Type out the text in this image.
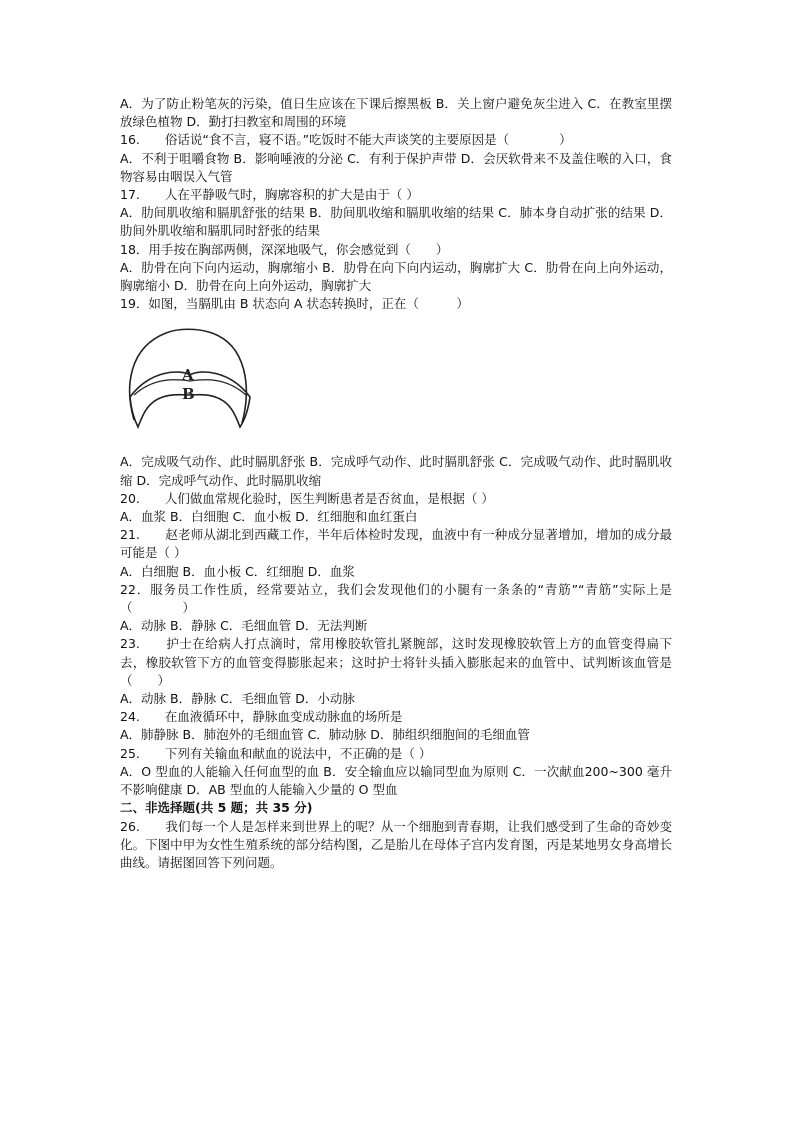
A．为了防止粉笔灰的污染，值日生应该在下课后擦黑板 B．关上窗户避免灰尘进入 C．在教室里摆放绿色植物 D．勤打扫教室和周围的环境
16.　　俗话说“食不言，寝不语。”吃饭时不能大声谈笑的主要原因是（　　　　）
A．不利于咀嚼食物 B．影响唾液的分泌 C．有利于保护声带 D．会厌软骨来不及盖住喉的入口，食物容易由咽误入气管
17.　　人在平静吸气时，胸廓容积的扩大是由于（ ）
A．肋间肌收缩和膈肌舒张的结果 B．肋间肌收缩和膈肌收缩的结果 C．肺本身自动扩张的结果 D．肋间外肌收缩和膈肌同时舒张的结果
18．用手按在胸部两侧，深深地吸气，你会感觉到（　　）
A．肋骨在向下向内运动，胸廓缩小 B．肋骨在向下向内运动，胸廓扩大 C．肋骨在向上向外运动，胸廓缩小 D．肋骨在向上向外运动，胸廓扩大
19．如图，当膈肌由 B 状态向 A 状态转换时，正在（　　　）
A
B
A．完成吸气动作、此时膈肌舒张 B．完成呼气动作、此时膈肌舒张 C．完成吸气动作、此时膈肌收缩 D．完成呼气动作、此时膈肌收缩
20.　　人们做血常规化验时，医生判断患者是否贫血，是根据（ ）
A．血浆 B．白细胞 C．血小板 D．红细胞和血红蛋白
21.　　赵老师从湖北到西藏工作，半年后体检时发现，血液中有一种成分显著增加，增加的成分最可能是（ ）
A．白细胞 B．血小板 C．红细胞 D．血浆
22．服务员工作性质，经常要站立，我们会发现他们的小腿有一条条的“青筋”“青筋”实际上是　　　　（　　　　）
A．动脉 B．静脉 C．毛细血管 D．无法判断
23.　　护士在给病人打点滴时，常用橡胶软管扎紧腕部，这时发现橡胶软管上方的血管变得扁下去，橡胶软管下方的血管变得膨胀起来；这时护士将针头插入膨胀起来的血管中、试判断该血管是（　　）
A．动脉 B．静脉 C．毛细血管 D．小动脉
24.　　在血液循环中，静脉血变成动脉血的场所是
A．肺静脉 B．肺泡外的毛细血管 C．肺动脉 D．肺组织细胞间的毛细血管
25.　　下列有关输血和献血的说法中，不正确的是（ ）
A．O 型血的人能输入任何血型的血 B．安全输血应以输同型血为原则 C．一次献血200~300 毫升不影响健康 D．AB 型血的人能输入少量的 O 型血
二、非选择题(共 5 题；共 35 分)
26.　　我们每一个人是怎样来到世界上的呢？从一个细胞到青春期，让我们感受到了生命的奇妙变化。下图中甲为女性生殖系统的部分结构图，乙是胎儿在母体子宫内发育图，丙是某地男女身高增长曲线。请据图回答下列问题。
